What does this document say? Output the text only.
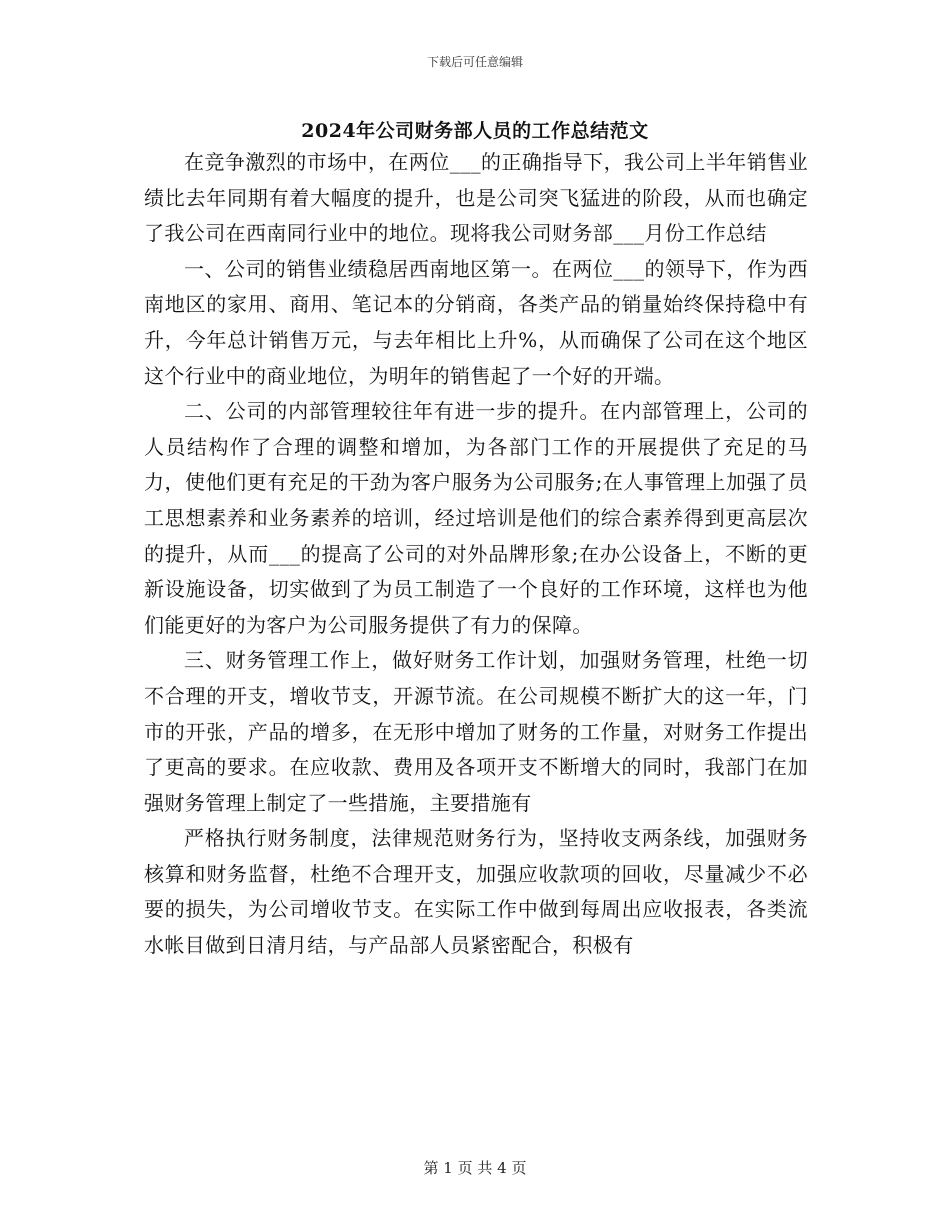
下载后可任意编辑
2024年公司财务部人员的工作总结范文

在竞争激烈的市场中，在两位___的正确指导下，我公司上半年销售业绩比去年同期有着大幅度的提升，也是公司突飞猛进的阶段，从而也确定了我公司在西南同行业中的地位。现将我公司财务部___月份工作总结

一、公司的销售业绩稳居西南地区第一。在两位___的领导下，作为西南地区的家用、商用、笔记本的分销商，各类产品的销量始终保持稳中有升，今年总计销售万元，与去年相比上升%，从而确保了公司在这个地区这个行业中的商业地位，为明年的销售起了一个好的开端。

二、公司的内部管理较往年有进一步的提升。在内部管理上，公司的人员结构作了合理的调整和增加，为各部门工作的开展提供了充足的马力，使他们更有充足的干劲为客户服务为公司服务;在人事管理上加强了员工思想素养和业务素养的培训，经过培训是他们的综合素养得到更高层次的提升，从而___的提高了公司的对外品牌形象;在办公设备上，不断的更新设施设备，切实做到了为员工制造了一个良好的工作环境，这样也为他们能更好的为客户为公司服务提供了有力的保障。

三、财务管理工作上，做好财务工作计划，加强财务管理，杜绝一切不合理的开支，增收节支，开源节流。在公司规模不断扩大的这一年，门市的开张，产品的增多，在无形中增加了财务的工作量，对财务工作提出了更高的要求。在应收款、费用及各项开支不断增大的同时，我部门在加强财务管理上制定了一些措施，主要措施有

严格执行财务制度，法律规范财务行为，坚持收支两条线，加强财务核算和财务监督，杜绝不合理开支，加强应收款项的回收，尽量减少不必要的损失，为公司增收节支。在实际工作中做到每周出应收报表，各类流水帐目做到日清月结，与产品部人员紧密配合，积极有

第 1 页 共 4 页
